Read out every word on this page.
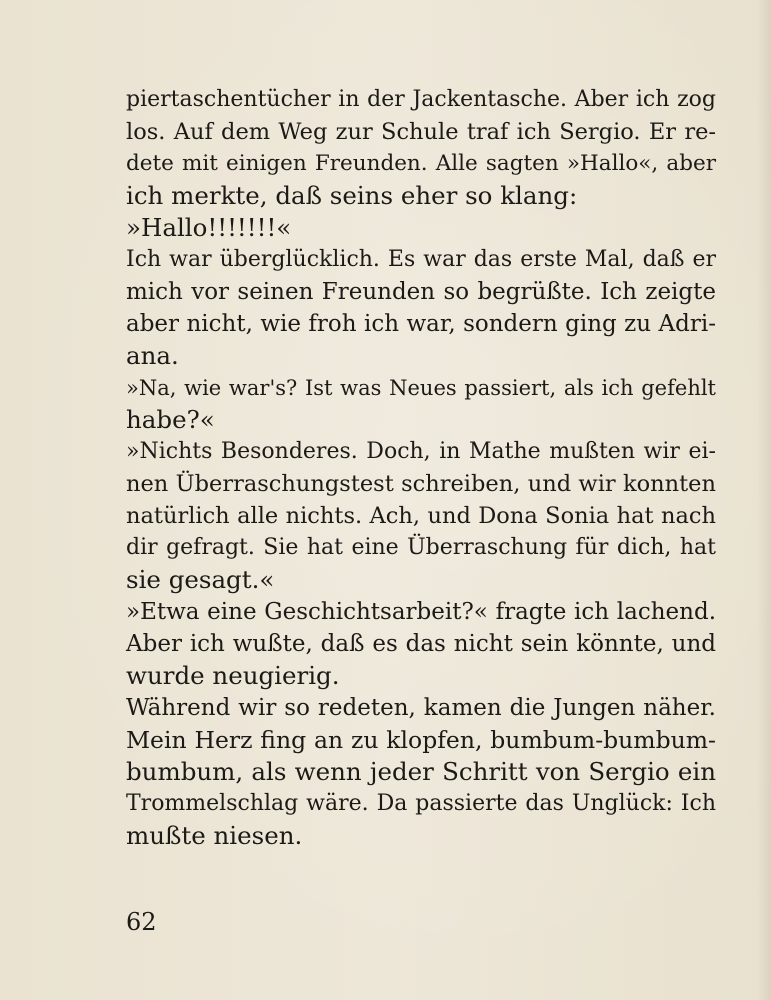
piertaschentücher in der Jackentasche. Aber ich zog
los. Auf dem Weg zur Schule traf ich Sergio. Er re-
dete mit einigen Freunden. Alle sagten »Hallo«, aber
ich merkte, daß seins eher so klang:
»Hallo!!!!!!!«
Ich war überglücklich. Es war das erste Mal, daß er
mich vor seinen Freunden so begrüßte. Ich zeigte
aber nicht, wie froh ich war, sondern ging zu Adri-
ana.
»Na, wie war's? Ist was Neues passiert, als ich gefehlt
habe?«
»Nichts Besonderes. Doch, in Mathe mußten wir ei-
nen Überraschungstest schreiben, und wir konnten
natürlich alle nichts. Ach, und Dona Sonia hat nach
dir gefragt. Sie hat eine Überraschung für dich, hat
sie gesagt.«
»Etwa eine Geschichtsarbeit?« fragte ich lachend.
Aber ich wußte, daß es das nicht sein könnte, und
wurde neugierig.
Während wir so redeten, kamen die Jungen näher.
Mein Herz fing an zu klopfen, bumbum-bumbum-
bumbum, als wenn jeder Schritt von Sergio ein
Trommelschlag wäre. Da passierte das Unglück: Ich
mußte niesen.
62
